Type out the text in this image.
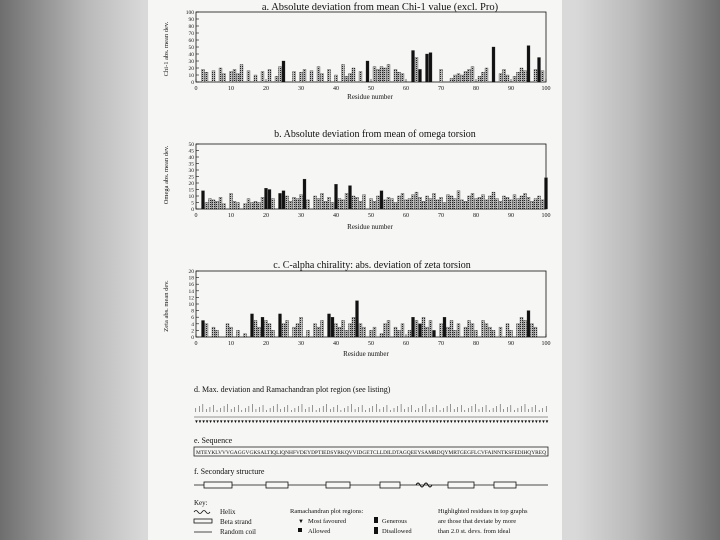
a. Absolute deviation from mean Chi-1 value (excl. Pro)
Chi-1 abs. mean dev.
Residue number
0
10
20
30
40
50
60
70
80
90
100
0	10	20	30	40	50	60	70	80	90	100
b. Absolute deviation from mean of omega torsion
Omega abs. mean dev.
Residue number
0
5
10
15
20
25
30
35
40
45
50
0	10	20	30	40	50	60	70	80	90	100
c. C-alpha chirality: abs. deviation of zeta torsion
Zeta abs. mean dev.
Residue number
0
2
4
6
8
10
12
14
16
18
20
0	10	20	30	40	50	60	70	80	90	100
d. Max. deviation and Ramachandran plot region (see listing)
▼ ▼ ▼ ▼ ▼ ▼ ▼ ▼ ▼ ▼ ▼ ▼ ▼ ▼ ▼ ▼ ▼ ▼ ▼ ▼ ▼ ▼ ▼ ▼ ▼ ▼ ▼ ▼ ▼ ▼ ▼ ▼ ▼ ▼ ▼ ▼ ▼ ▼ ▼ ▼ ▼ ▼ ▼ ▼ ▼ ▼ ▼ ▼ ▼ ▼ ▼ ▼ ▼ ▼ ▼ ▼ ▼ ▼ ▼ ▼ ▼ ▼ ▼ ▼ ▼ ▼ ▼ ▼ ▼ ▼ ▼ ▼ ▼ ▼ ▼ ▼ ▼ ▼ ▼ ▼ ▼ ▼ ▼ ▼ ▼ ▼ ▼ ▼ ▼ ▼ ▼ ▼ ▼ ▼ ▼ ▼ ▼ ▼ ▼ ▼
e. Sequence
MTEYKLVVVGAGGVGKSALTIQLIQNHFVDEYDPTIEDSYRKQVVIDGETCLLDILDTAGQEEYSAMRDQYMRTGEGFLCVFAINNTKSFEDIHQYREQ
f. Secondary structure
Key:
Helix
Beta strand
Random coil
Ramachandran plot regions:
▼ Most favoured
Allowed
Generous
Disallowed
Highlighted residues in top graphs
are those that deviate by more
than 2.0 st. devs. from ideal
